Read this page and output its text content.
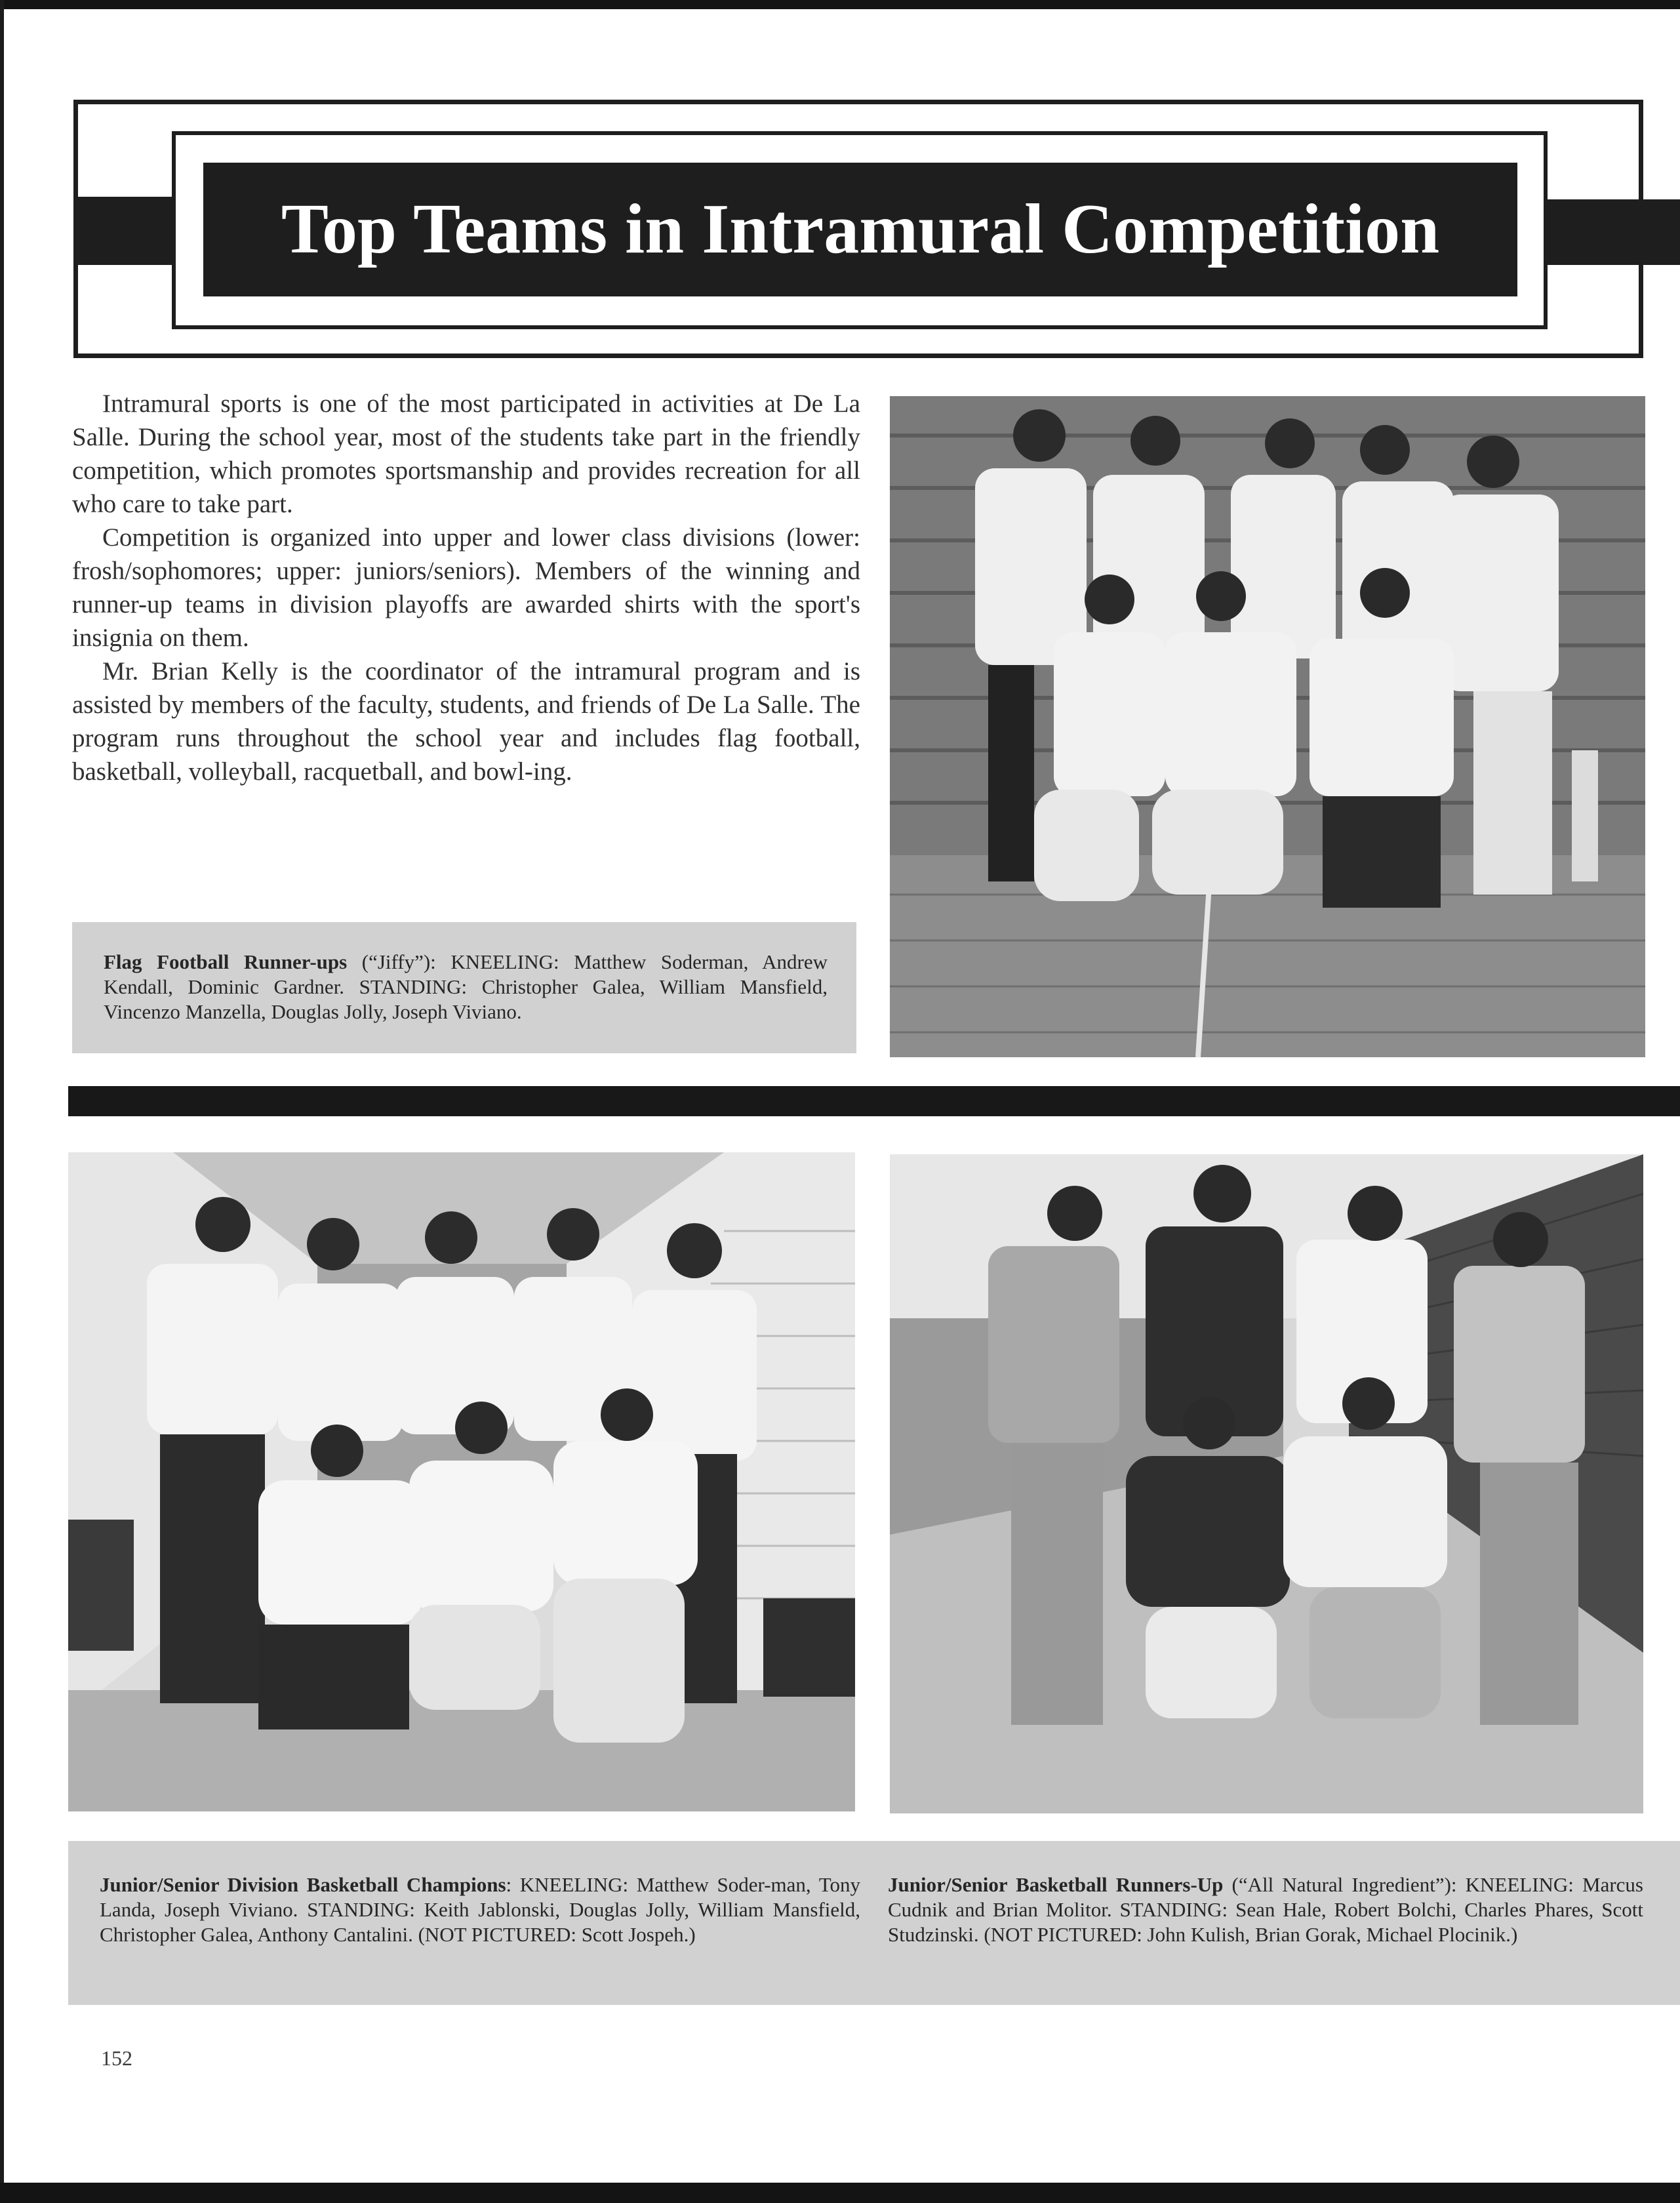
Top Teams in Intramural Competition

Intramural sports is one of the most participated in activities at De La Salle. During the school year, most of the students take part in the friendly competition, which promotes sportsmanship and provides recreation for all who care to take part.

Competition is organized into upper and lower class divisions (lower: frosh/sophomores; upper: juniors/seniors). Members of the winning and runner-up teams in division playoffs are awarded shirts with the sport's insignia on them.

Mr. Brian Kelly is the coordinator of the intramural program and is assisted by members of the faculty, students, and friends of De La Salle. The program runs throughout the school year and includes flag football, basketball, volleyball, racquetball, and bowl-ing.

Flag Football Runner-ups (“Jiffy”): KNEELING: Matthew Soderman, Andrew Kendall, Dominic Gardner. STANDING: Christopher Galea, William Mansfield, Vincenzo Manzella, Douglas Jolly, Joseph Viviano.
Junior/Senior Division Basketball Champions: KNEELING: Matthew Soder-man, Tony Landa, Joseph Viviano. STANDING: Keith Jablonski, Douglas Jolly, William Mansfield, Christopher Galea, Anthony Cantalini. (NOT PICTURED: Scott Jospeh.)
Junior/Senior Basketball Runners-Up (“All Natural Ingredient”): KNEELING: Marcus Cudnik and Brian Molitor. STANDING: Sean Hale, Robert Bolchi, Charles Phares, Scott Studzinski. (NOT PICTURED: John Kulish, Brian Gorak, Michael Plocinik.)
152
